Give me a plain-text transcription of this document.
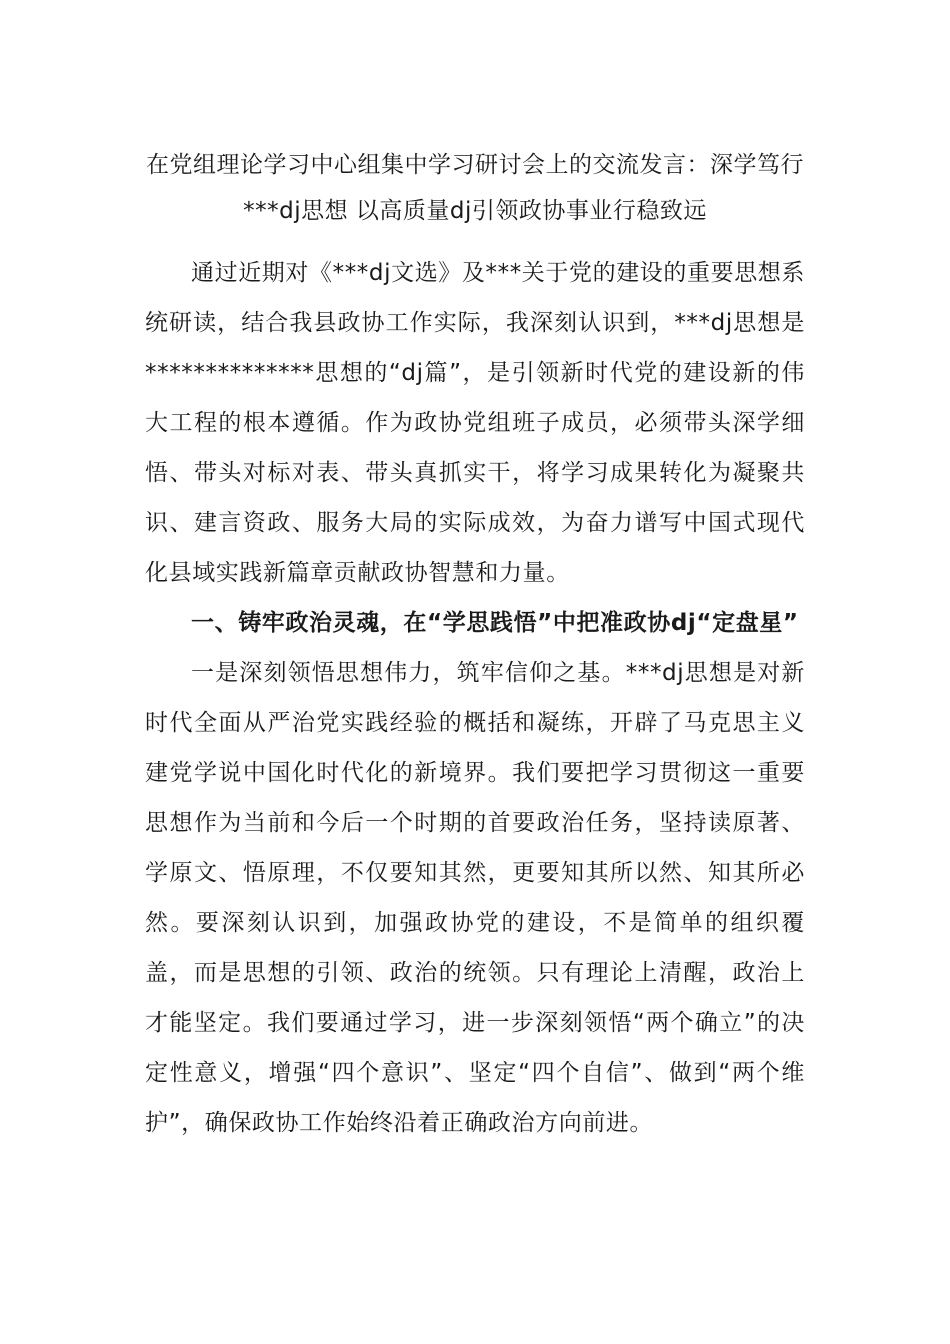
在党组理论学习中心组集中学习研讨会上的交流发言：深学笃行***dj思想 以高质量dj引领政协事业行稳致远

通过近期对《***dj文选》及***关于党的建设的重要思想系统研读，结合我县政协工作实际，我深刻认识到，***dj思想是**************思想的“dj篇”，是引领新时代党的建设新的伟大工程的根本遵循。作为政协党组班子成员，必须带头深学细悟、带头对标对表、带头真抓实干，将学习成果转化为凝聚共识、建言资政、服务大局的实际成效，为奋力谱写中国式现代化县域实践新篇章贡献政协智慧和力量。

一、铸牢政治灵魂，在“学思践悟”中把准政协dj“定盘星”

一是深刻领悟思想伟力，筑牢信仰之基。***dj思想是对新时代全面从严治党实践经验的概括和凝练，开辟了马克思主义建党学说中国化时代化的新境界。我们要把学习贯彻这一重要思想作为当前和今后一个时期的首要政治任务，坚持读原著、学原文、悟原理，不仅要知其然，更要知其所以然、知其所必然。要深刻认识到，加强政协党的建设，不是简单的组织覆盖，而是思想的引领、政治的统领。只有理论上清醒，政治上才能坚定。我们要通过学习，进一步深刻领悟“两个确立”的决定性意义，增强“四个意识”、坚定“四个自信”、做到“两个维护”，确保政协工作始终沿着正确政治方向前进。
